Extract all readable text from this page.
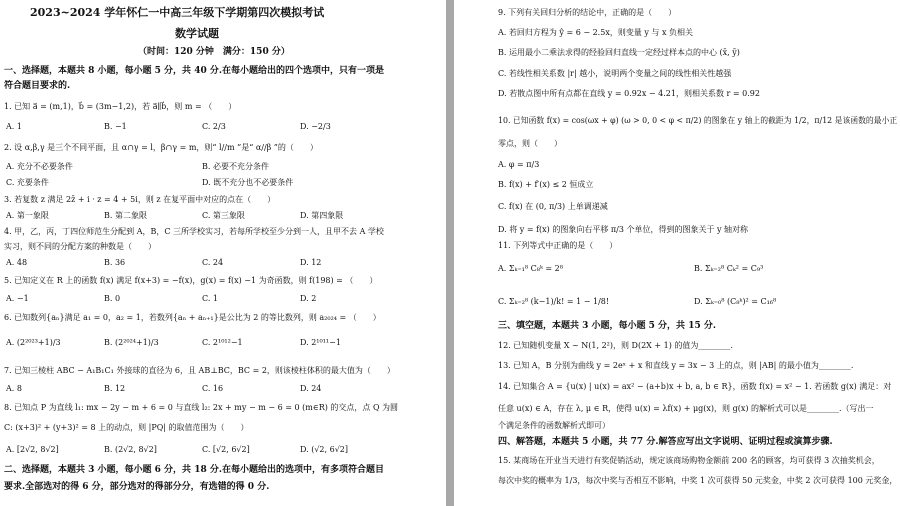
2023~2024 学年怀仁一中高三年级下学期第四次模拟考试
数学试题
（时间：120 分钟　满分：150 分）
一、选择题，本题共 8 小题，每小题 5 分，共 40 分.在每小题给出的四个选项中，只有一项是
符合题目要求的.
1. 已知 a⃗ = (m,1)，b⃗ = (3m−1,2)，若 a⃗∥b⃗，则 m = （　　）
A. 1	B. −1	C. 2/3	D. −2/3
2. 设 α,β,γ 是三个不同平面，且 α∩γ = l，β∩γ = m，则“ l//m ”是“ α//β ”的（　　）
A. 充分不必要条件	B. 必要不充分条件
C. 充要条件	D. 既不充分也不必要条件
3. 若复数 z 满足 2z̄ + i · z = 4 + 5i，则 z 在复平面中对应的点在（　　）
A. 第一象限	B. 第二象限	C. 第三象限	D. 第四象限
4. 甲，乙，丙，丁四位师范生分配到 A，B，C 三所学校实习，若每所学校至少分到一人，且甲不去 A 学校
实习，则不同的分配方案的种数是（　　）
A. 48	B. 36	C. 24	D. 12
5. 已知定义在 R 上的函数 f(x) 满足 f(x+3) = −f(x)，g(x) = f(x) −1 为奇函数，则 f(198) = （　　）
A. −1	B. 0	C. 1	D. 2
6. 已知数列{aₙ}满足 a₁ = 0，a₂ = 1，若数列{aₙ + aₙ₊₁}是公比为 2 的等比数列，则 a₂₀₂₄ = （　　）
A. (2²⁰²³+1)/3	B. (2²⁰²⁴+1)/3	C. 2¹⁰¹²−1	D. 2¹⁰¹¹−1
7. 已知三棱柱 ABC − A₁B₁C₁ 外接球的直径为 6，且 AB⊥BC，BC = 2，则该棱柱体积的最大值为（　　）
A. 8	B. 12	C. 16	D. 24
8. 已知点 P 为直线 l₁: mx − 2y − m + 6 = 0 与直线 l₂: 2x + my − m − 6 = 0 (m∈R) 的交点，点 Q 为圆
C: (x+3)² + (y+3)² = 8 上的动点，则 |PQ| 的取值范围为（　　）
A. [2√2, 8√2]	B. (2√2, 8√2]	C. [√2, 6√2]	D. (√2, 6√2]
二、选择题，本题共 3 小题，每小题 6 分，共 18 分.在每小题给出的选项中，有多项符合题目
要求.全部选对的得 6 分，部分选对的得部分分，有选错的得 0 分.
9. 下列有关回归分析的结论中，正确的是（　　）
A. 若回归方程为 ŷ = 6 − 2.5x，则变量 y 与 x 负相关
B. 运用最小二乘法求得的经验回归直线一定经过样本点的中心 (x̄, ȳ)
C. 若线性相关系数 |r| 越小，说明两个变量之间的线性相关性越强
D. 若散点图中所有点都在直线 y = 0.92x − 4.21，则相关系数 r = 0.92
10. 已知函数 f(x) = cos(ωx + φ) (ω > 0, 0 < φ < π/2) 的图象在 y 轴上的截距为 1/2，π/12 是该函数的最小正
零点，则（　　）
A. φ = π/3
B. f(x) + f′(x) ≤ 2 恒成立
C. f(x) 在 (0, π/3) 上单调递减
D. 将 y = f(x) 的图象向右平移 π/3 个单位，得到的图象关于 y 轴对称
11. 下列等式中正确的是（　　）
A. Σₖ₌₁⁸ C₈ᵏ = 2⁸	B. Σₖ₌₂⁸ Cₖ² = C₉³
C. Σₖ₌₂⁸ (k−1)/k! = 1 − 1/8!	D. Σₖ₌₀⁸ (C₈ᵏ)² = C₁₆⁸
三、填空题，本题共 3 小题，每小题 5 分，共 15 分.
12. 已知随机变量 X ~ N(1, 2²)，则 D(2X + 1) 的值为________.
13. 已知 A，B 分别为曲线 y = 2eˣ + x 和直线 y = 3x − 3 上的点，则 |AB| 的最小值为________.
14. 已知集合 A = {u(x) | u(x) = ax² − (a+b)x + b, a, b ∈ R}，函数 f(x) = x² − 1. 若函数 g(x) 满足：对
任意 u(x) ∈ A，存在 λ, μ ∈ R，使得 u(x) = λf(x) + μg(x)，则 g(x) 的解析式可以是________.（写出一
个满足条件的函数解析式即可）
四、解答题，本题共 5 小题，共 77 分.解答应写出文字说明、证明过程或演算步骤.
15. 某商场在开业当天进行有奖促销活动，规定该商场购物金额前 200 名的顾客，均可获得 3 次抽奖机会，
每次中奖的概率为 1/3，每次中奖与否相互不影响，中奖 1 次可获得 50 元奖金，中奖 2 次可获得 100 元奖金，
